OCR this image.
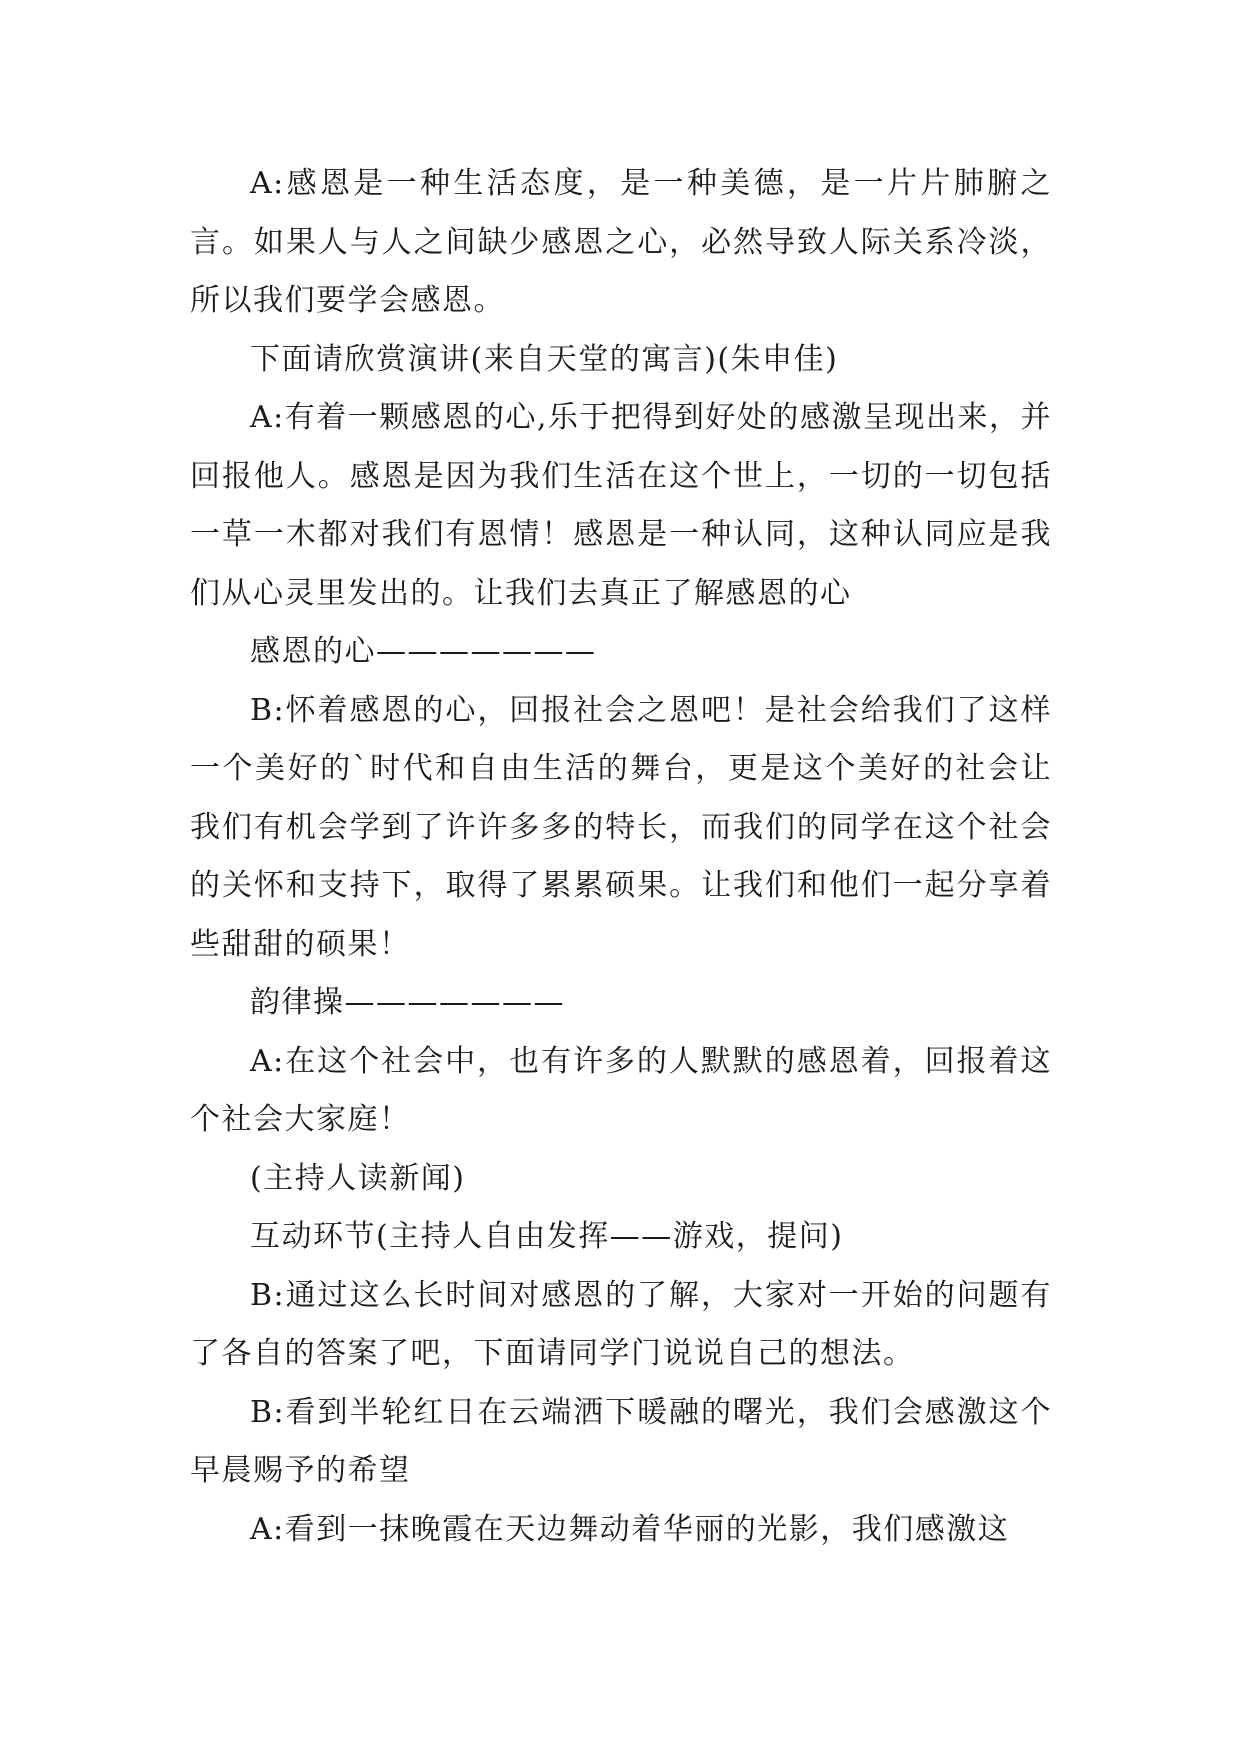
A:感恩是一种生活态度，是一种美德，是一片片肺腑之言。如果人与人之间缺少感恩之心，必然导致人际关系冷淡，所以我们要学会感恩。

下面请欣赏演讲(来自天堂的寓言)(朱申佳)

A:有着一颗感恩的心,乐于把得到好处的感激呈现出来，并回报他人。感恩是因为我们生活在这个世上，一切的一切包括一草一木都对我们有恩情！感恩是一种认同，这种认同应是我们从心灵里发出的。让我们去真正了解感恩的心

感恩的心———————

B:怀着感恩的心，回报社会之恩吧！是社会给我们了这样一个美好的`时代和自由生活的舞台，更是这个美好的社会让我们有机会学到了许许多多的特长，而我们的同学在这个社会的关怀和支持下，取得了累累硕果。让我们和他们一起分享着些甜甜的硕果！

韵律操———————

A:在这个社会中，也有许多的人默默的感恩着，回报着这个社会大家庭！

(主持人读新闻)

互动环节(主持人自由发挥——游戏，提问)

B:通过这么长时间对感恩的了解，大家对一开始的问题有了各自的答案了吧，下面请同学门说说自己的想法。

B:看到半轮红日在云端洒下暖融的曙光，我们会感激这个早晨赐予的希望

A:看到一抹晚霞在天边舞动着华丽的光影，我们感激这
